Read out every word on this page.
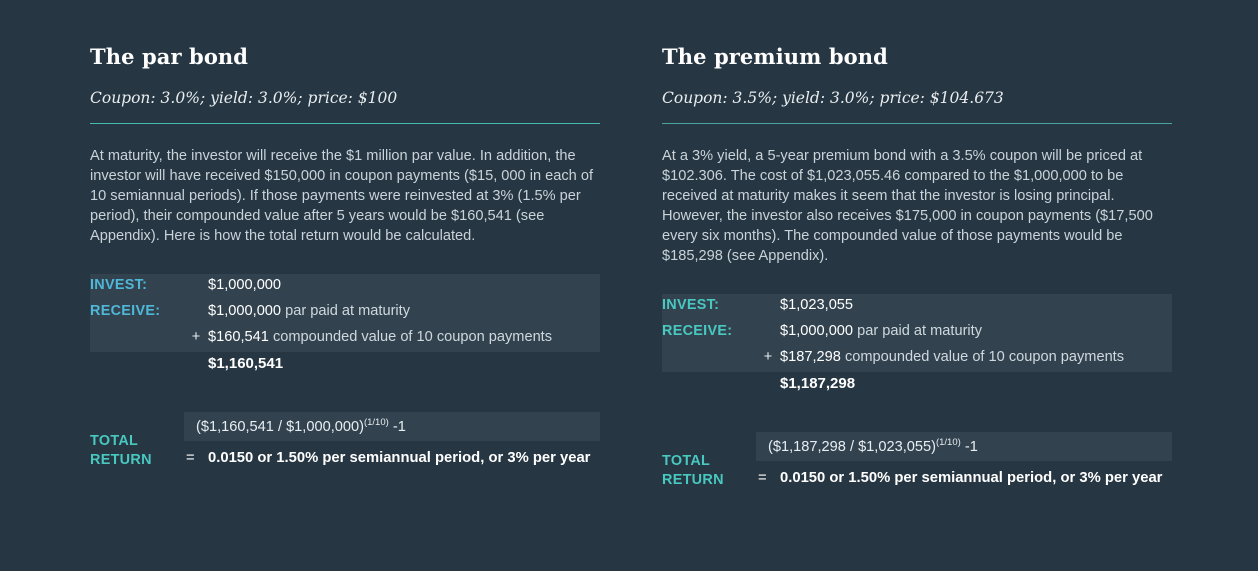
The par bond
Coupon: 3.0%; yield: 3.0%; price: $100

At maturity, the investor will receive the $1 million par value. In addition, the investor will have received $150,000 in coupon payments ($15, 000 in each of 10 semiannual periods). If those payments were reinvested at 3% (1.5% per period), their compounded value after 5 years would be $160,541 (see Appendix). Here is how the total return would be calculated.

INVEST:	$1,000,000
RECEIVE:	$1,000,000 par paid at maturity
+ $160,541 compounded value of 10 coupon payments
$1,160,541
TOTAL
RETURN
($1,160,541 / $1,000,000)$^{(1/10)}$ -1
= 0.0150 or 1.50% per semiannual period, or 3% per year
The premium bond
Coupon: 3.5%; yield: 3.0%; price: $104.673

At a 3% yield, a 5-year premium bond with a 3.5% coupon will be priced at $102.306. The cost of $1,023,055.46 compared to the $1,000,000 to be received at maturity makes it seem that the investor is losing principal. However, the investor also receives $175,000 in coupon payments ($17,500 every six months). The compounded value of those payments would be $185,298 (see Appendix).

INVEST:	$1,023,055
RECEIVE:	$1,000,000 par paid at maturity
+ $187,298 compounded value of 10 coupon payments
$1,187,298
TOTAL
RETURN
($1,187,298 / $1,023,055)$^{(1/10)}$ -1
= 0.0150 or 1.50% per semiannual period, or 3% per year
